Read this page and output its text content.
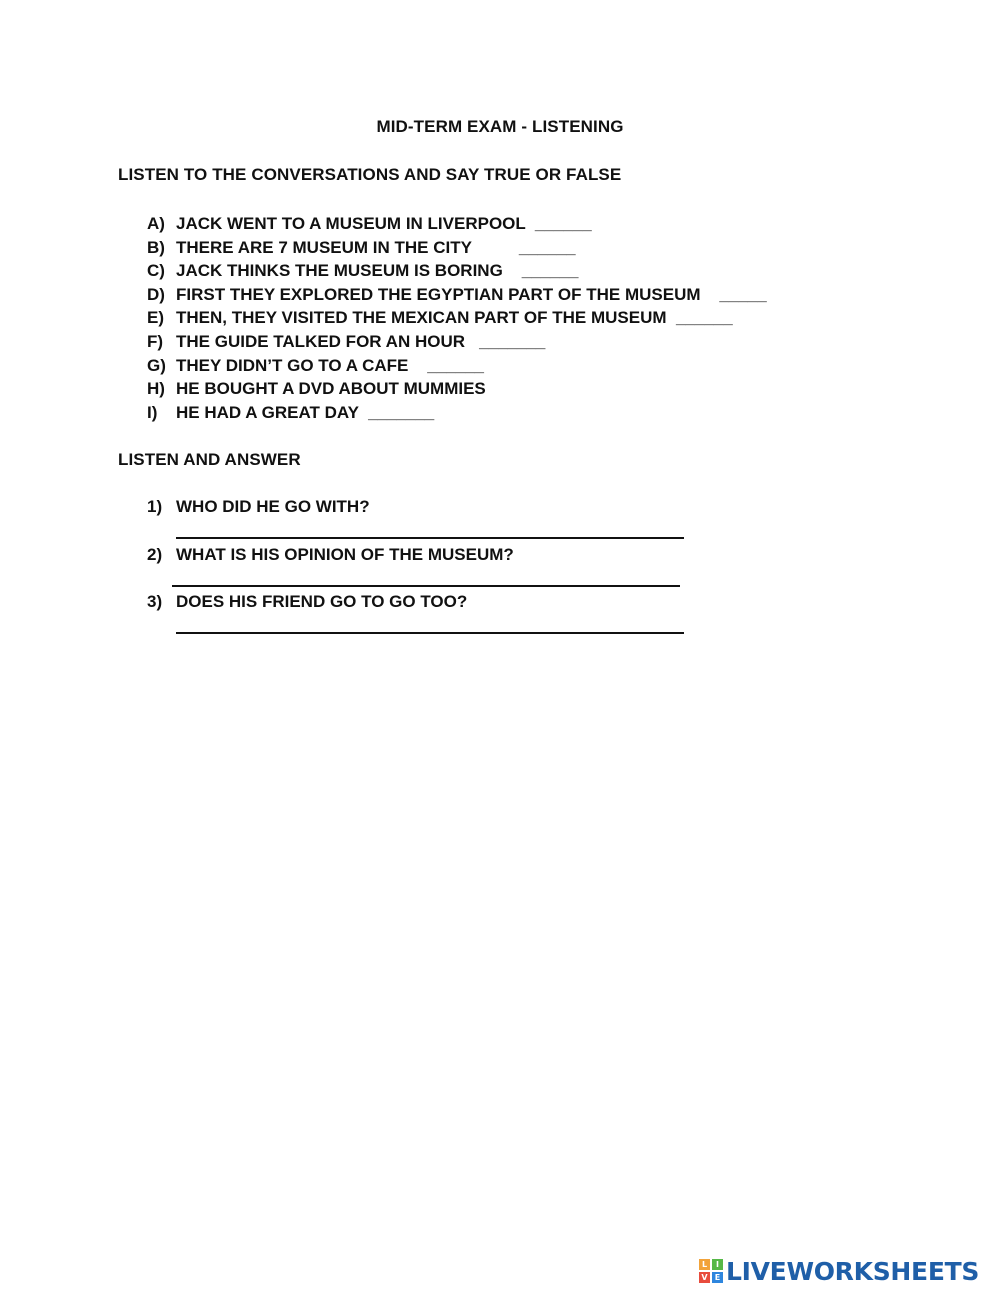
MID-TERM EXAM - LISTENING
LISTEN TO THE CONVERSATIONS AND SAY TRUE OR FALSE
A) JACK WENT TO A MUSEUM IN LIVERPOOL  ______
B) THERE ARE 7 MUSEUM IN THE CITY          ______
C) JACK THINKS THE MUSEUM IS BORING    ______
D) FIRST THEY EXPLORED THE EGYPTIAN PART OF THE MUSEUM    _____
E) THEN, THEY VISITED THE MEXICAN PART OF THE MUSEUM  ______
F) THE GUIDE TALKED FOR AN HOUR   _______
G) THEY DIDN’T GO TO A CAFE    ______
H) HE BOUGHT A DVD ABOUT MUMMIES
I) HE HAD A GREAT DAY  _______
LISTEN AND ANSWER
1) WHO DID HE GO WITH?
2) WHAT IS HIS OPINION OF THE MUSEUM?
3) DOES HIS FRIEND GO TO GO TOO?
L	I
V E LIVEWORKSHEETS
